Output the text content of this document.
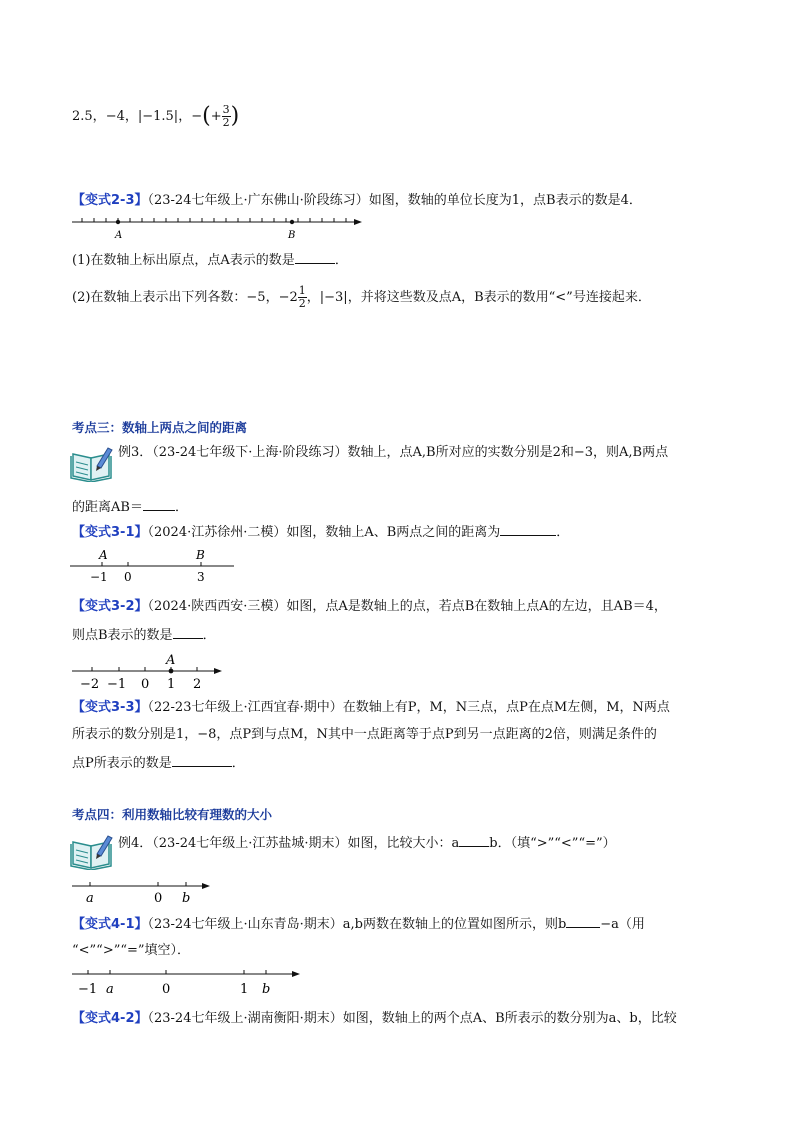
2.5，−4，|−1.5|，−(+ $\frac{3}{2}$ )
【变式2-3】（23-24七年级上·广东佛山·阶段练习）如图，数轴的单位长度为1，点B表示的数是4．
A	B
(1)在数轴上标出原点，点A表示的数是	．
(2)在数轴上表示出下列各数：−5，$-2 \frac{1}{2}$ ，|−3|，并将这些数及点A，B表示的数用“<”号连接起来．
考点三：数轴上两点之间的距离
例3．（23-24七年级下·上海·阶段练习）数轴上，点A,B所对应的实数分别是2和−3，则A,B两点
的距离AB＝ ．
【变式3-1】（2024·江苏徐州·二模）如图，数轴上A、B两点之间的距离为	．
A	B
−1 0	3
【变式3-2】（2024·陕西西安·三模）如图，点A是数轴上的点，若点B在数轴上点A的左边，且AB＝4，
则点B表示的数是 ．
A
−2 −1 0 1 2
【变式3-3】（22-23七年级上·江西宜春·期中）在数轴上有P，M，N三点，点P在点M左侧，M，N两点
所表示的数分别是1，−8，点P到与点M，N其中一点距离等于点P到另一点距离的2倍，则满足条件的
点P所表示的数是	．
考点四：利用数轴比较有理数的大小
例4．（23-24七年级上·江苏盐城·期末）如图，比较大小：a b．（填“>”“<”“=”）
a	0 b
【变式4-1】（23-24七年级上·山东青岛·期末）a,b两数在数轴上的位置如图所示，则b	−a（用
“<”“>”“=”填空）．
−1 a	0	1 b
【变式4-2】（23-24七年级上·湖南衡阳·期末）如图，数轴上的两个点A、B所表示的数分别为a、b，比较
